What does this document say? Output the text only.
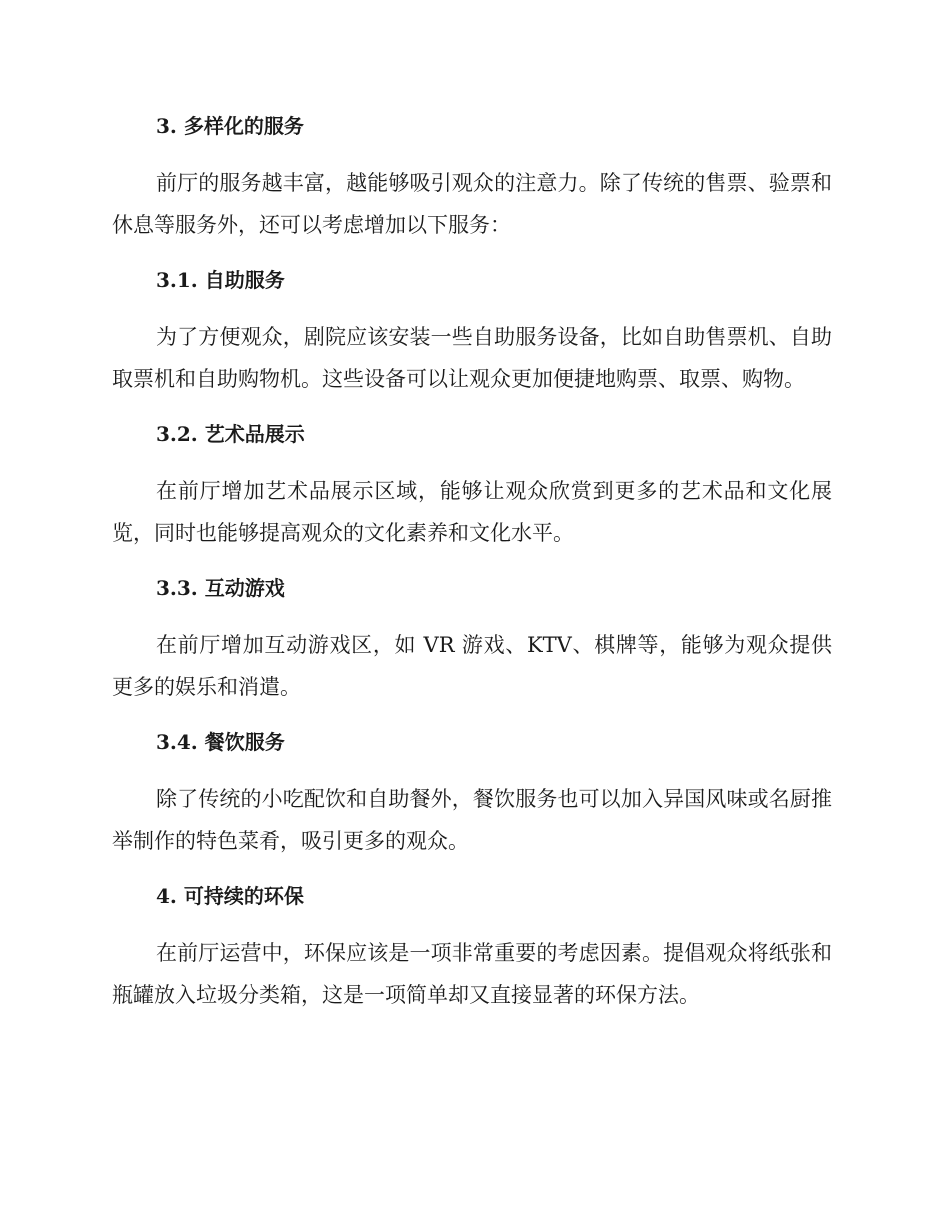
3. 多样化的服务

前厅的服务越丰富，越能够吸引观众的注意力。除了传统的售票、验票和休息等服务外，还可以考虑增加以下服务：

3.1. 自助服务

为了方便观众，剧院应该安装一些自助服务设备，比如自助售票机、自助取票机和自助购物机。这些设备可以让观众更加便捷地购票、取票、购物。

3.2. 艺术品展示

在前厅增加艺术品展示区域，能够让观众欣赏到更多的艺术品和文化展览，同时也能够提高观众的文化素养和文化水平。

3.3. 互动游戏

在前厅增加互动游戏区，如 VR 游戏、KTV、棋牌等，能够为观众提供更多的娱乐和消遣。

3.4. 餐饮服务

除了传统的小吃配饮和自助餐外，餐饮服务也可以加入异国风味或名厨推举制作的特色菜肴，吸引更多的观众。

4. 可持续的环保

在前厅运营中，环保应该是一项非常重要的考虑因素。提倡观众将纸张和瓶罐放入垃圾分类箱，这是一项简单却又直接显著的环保方法。
